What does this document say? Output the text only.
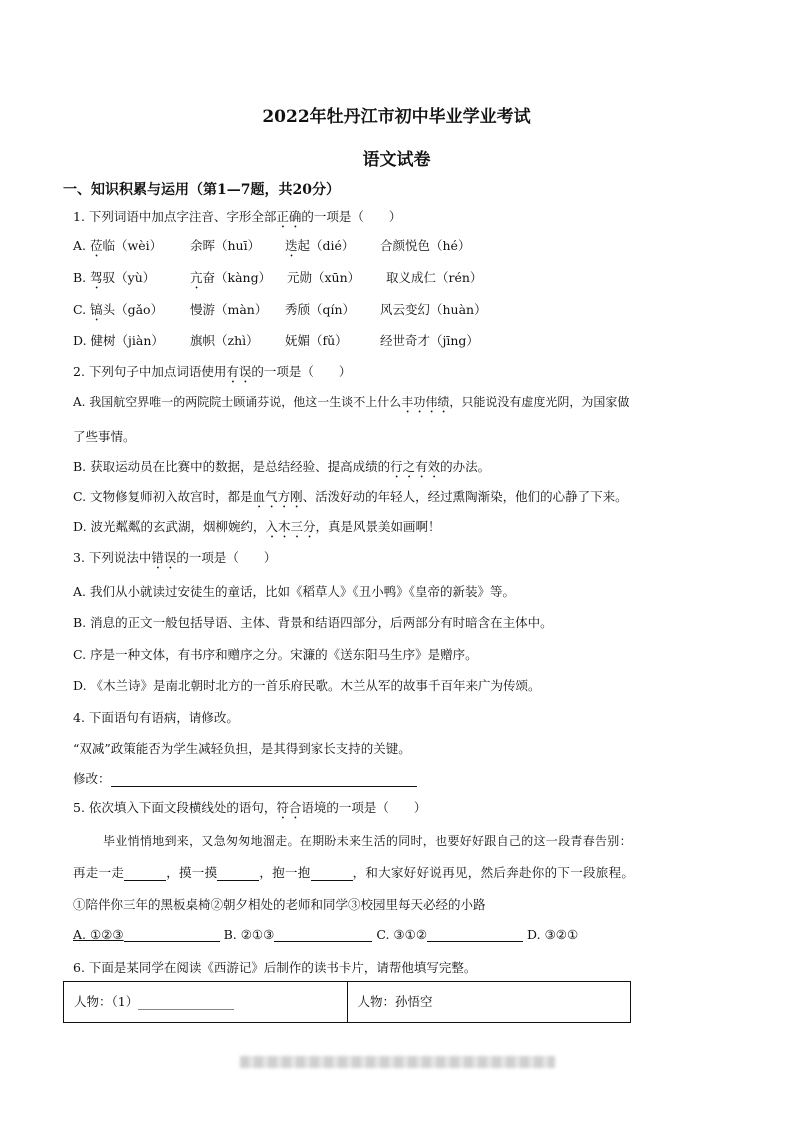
2022年牡丹江市初中毕业学业考试
语文试卷
一、知识积累与运用（第1—7题，共20分）
1. 下列词语中加点字注音、字形全部正确的一项是（　　）
A. 莅临（wèi） 余晖（huī） 迭起（dié） 合颜悦色（hé）
B. 驾驭（yù）	亢奋（kàng） 元勋（xūn） 取义成仁（rén）
C. 镐头（gǎo） 慢游（màn） 秀颀（qín） 风云变幻（huàn）
D. 健树（jiàn） 旗帜（zhì） 妩媚（fǔ）	经世奇才（jīng）
2. 下列句子中加点词语使用有误的一项是（　　）
A. 我国航空界唯一的两院院士顾诵芬说，他这一生谈不上什么丰功伟绩，只能说没有虚度光阴，为国家做
了些事情。
B. 获取运动员在比赛中的数据，是总结经验、提高成绩的行之有效的办法。
C. 文物修复师初入故宫时，都是血气方刚、活泼好动的年轻人，经过熏陶渐染，他们的心静了下来。
D. 波光粼粼的玄武湖，烟柳婉约，入木三分，真是风景美如画啊！
3. 下列说法中错误的一项是（　　）
A. 我们从小就读过安徒生的童话，比如《稻草人》《丑小鸭》《皇帝的新装》等。
B. 消息的正文一般包括导语、主体、背景和结语四部分，后两部分有时暗含在主体中。
C. 序是一种文体，有书序和赠序之分。宋濂的《送东阳马生序》是赠序。
D. 《木兰诗》是南北朝时北方的一首乐府民歌。木兰从军的故事千百年来广为传颂。
4. 下面语句有语病，请修改。
“双减”政策能否为学生减轻负担，是其得到家长支持的关键。
修改：
5. 依次填入下面文段横线处的语句，符合语境的一项是（　　）
毕业悄悄地到来，又急匆匆地溜走。在期盼未来生活的同时，也要好好跟自己的这一段青春告别：
再走一走	，摸一摸	，抱一抱	，和大家好好说再见，然后奔赴你的下一段旅程。
①陪伴你三年的黑板桌椅②朝夕相处的老师和同学③校园里每天必经的小路
A. ①②③	B. ②①③	C. ③①②	D. ③②①
6. 下面是某同学在阅读《西游记》后制作的读书卡片，请帮他填写完整。
人物：（1）	人物：孙悟空
